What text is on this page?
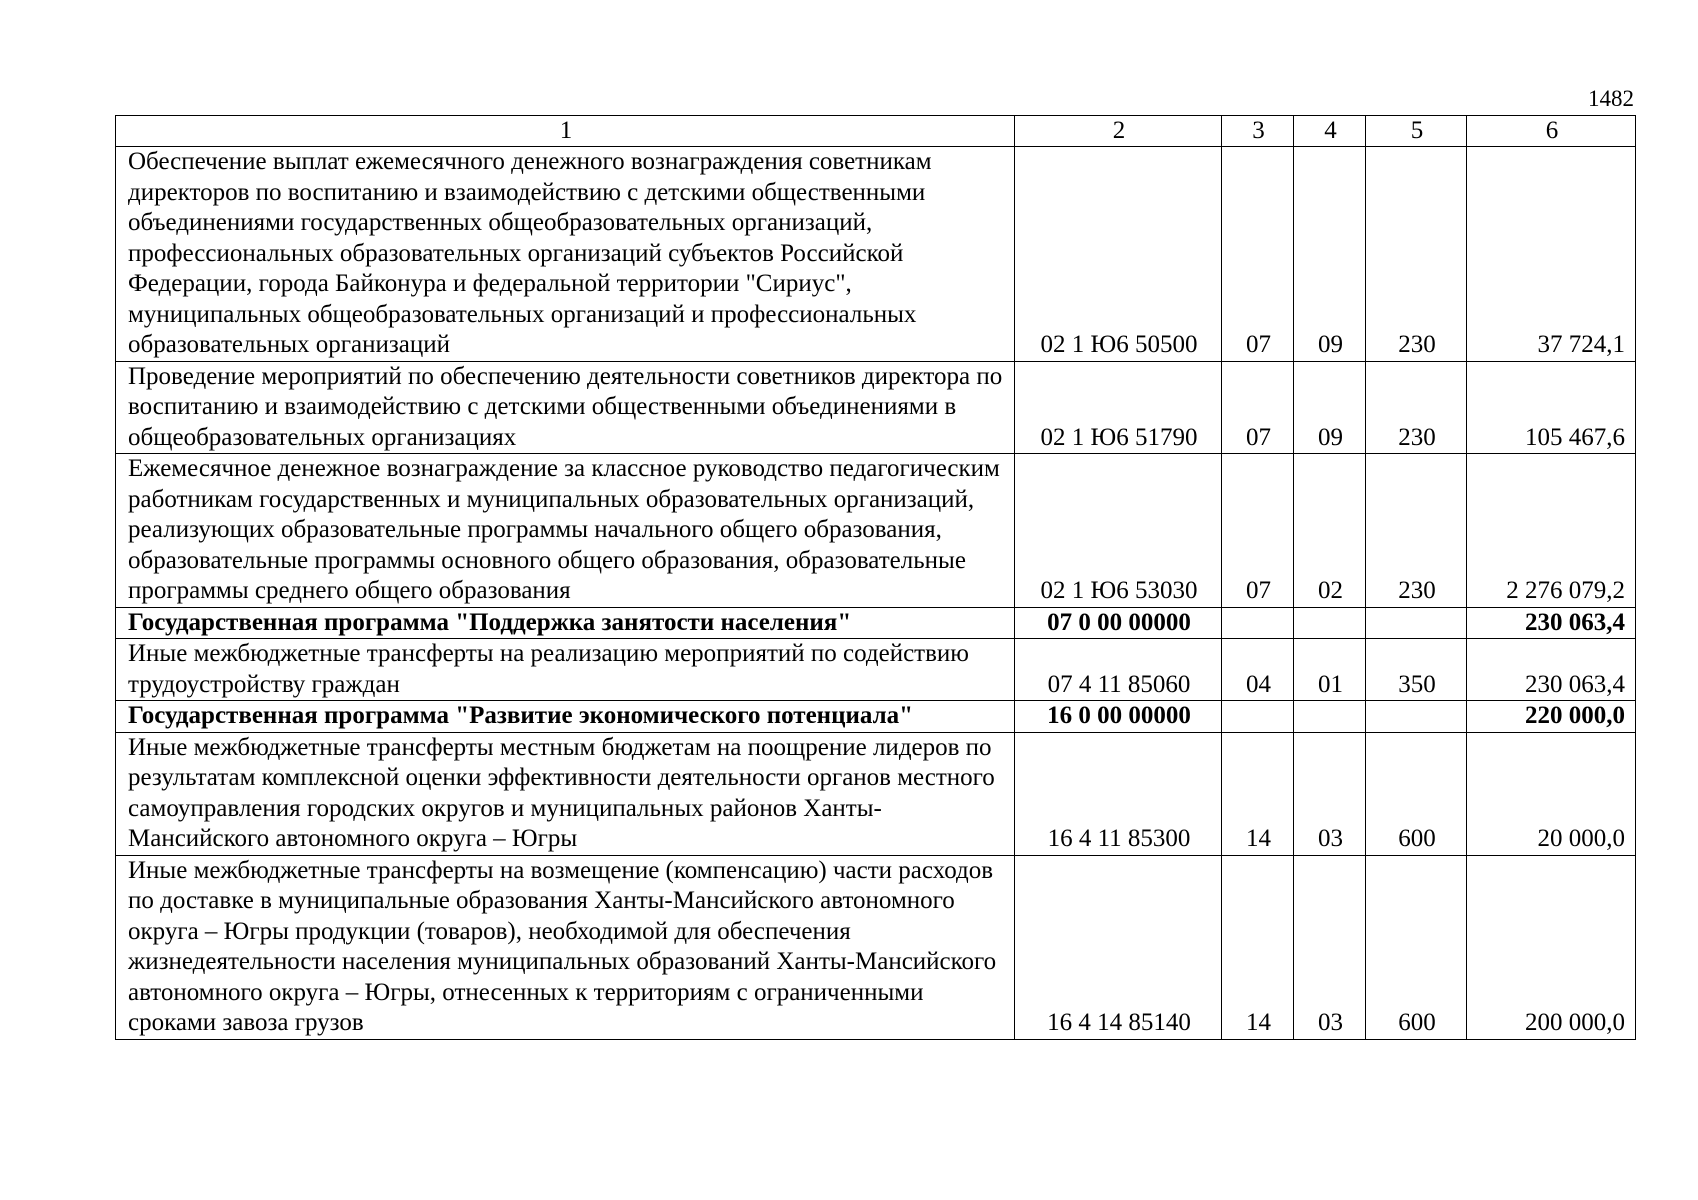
1482
1	2	3	4	5	6
Обеспечение выплат ежемесячного денежного вознаграждения советникам директоров по воспитанию и взаимодействию с детскими общественными объединениями государственных общеобразовательных организаций, профессиональных образовательных организаций субъектов Российской Федерации, города Байконура и федеральной территории "Сириус", муниципальных общеобразовательных организаций и профессиональных образовательных организаций	02 1 Ю6 50500	07	09	230	37 724,1
Проведение мероприятий по обеспечению деятельности советников директора по воспитанию и взаимодействию с детскими общественными объединениями в общеобразовательных организациях	02 1 Ю6 51790	07	09	230	105 467,6
Ежемесячное денежное вознаграждение за классное руководство педагогическим работникам государственных и муниципальных образовательных организаций, реализующих образовательные программы начального общего образования, образовательные программы основного общего образования, образовательные программы среднего общего образования	02 1 Ю6 53030	07	02	230	2 276 079,2
Государственная программа "Поддержка занятости населения"	07 0 00 00000				230 063,4
Иные межбюджетные трансферты на реализацию мероприятий по содействию трудоустройству граждан	07 4 11 85060	04	01	350	230 063,4
Государственная программа "Развитие экономического потенциала"	16 0 00 00000				220 000,0
Иные межбюджетные трансферты местным бюджетам на поощрение лидеров по результатам комплексной оценки эффективности деятельности органов местного самоуправления городских округов и муниципальных районов Ханты-Мансийского автономного округа – Югры	16 4 11 85300	14	03	600	20 000,0
Иные межбюджетные трансферты на возмещение (компенсацию) части расходов по доставке в муниципальные образования Ханты-Мансийского автономного округа – Югры продукции (товаров), необходимой для обеспечения жизнедеятельности населения муниципальных образований Ханты-Мансийского автономного округа – Югры, отнесенных к территориям с ограниченными сроками завоза грузов	16 4 14 85140	14	03	600	200 000,0
